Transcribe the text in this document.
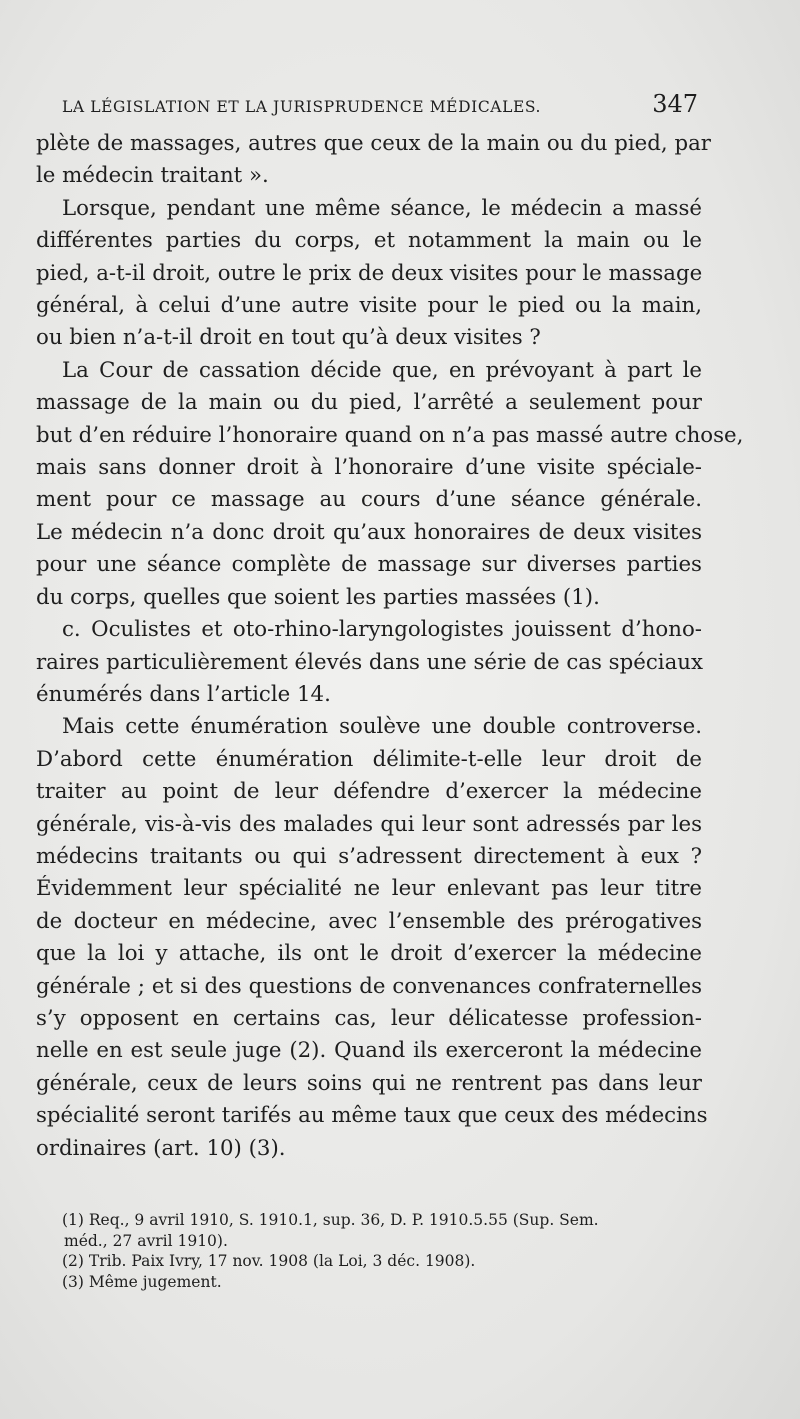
LA LÉGISLATION ET LA JURISPRUDENCE MÉDICALES.	347
plète de massages, autres que ceux de la main ou du pied, par
le médecin traitant ».
Lorsque, pendant une même séance, le médecin a massé
différentes parties du corps, et notamment la main ou le
pied, a-t-il droit, outre le prix de deux visites pour le massage
général, à celui d’une autre visite pour le pied ou la main,
ou bien n’a-t-il droit en tout qu’à deux visites ?
La Cour de cassation décide que, en prévoyant à part le
massage de la main ou du pied, l’arrêté a seulement pour
but d’en réduire l’honoraire quand on n’a pas massé autre chose,
mais sans donner droit à l’honoraire d’une visite spéciale-
ment pour ce massage au cours d’une séance générale.
Le médecin n’a donc droit qu’aux honoraires de deux visites
pour une séance complète de massage sur diverses parties
du corps, quelles que soient les parties massées (1).
c. Oculistes et oto-rhino-laryngologistes jouissent d’hono-
raires particulièrement élevés dans une série de cas spéciaux
énumérés dans l’article 14.
Mais cette énumération soulève une double controverse.
D’abord cette énumération délimite-t-elle leur droit de
traiter au point de leur défendre d’exercer la médecine
générale, vis-à-vis des malades qui leur sont adressés par les
médecins traitants ou qui s’adressent directement à eux ?
Évidemment leur spécialité ne leur enlevant pas leur titre
de docteur en médecine, avec l’ensemble des prérogatives
que la loi y attache, ils ont le droit d’exercer la médecine
générale ; et si des questions de convenances confraternelles
s’y opposent en certains cas, leur délicatesse profession-
nelle en est seule juge (2). Quand ils exerceront la médecine
générale, ceux de leurs soins qui ne rentrent pas dans leur
spécialité seront tarifés au même taux que ceux des médecins
ordinaires (art. 10) (3).
(1) Req., 9 avril 1910, S. 1910.1, sup. 36, D. P. 1910.5.55 (Sup. Sem.
méd., 27 avril 1910).
(2) Trib. Paix Ivry, 17 nov. 1908 (la Loi, 3 déc. 1908).
(3) Même jugement.
